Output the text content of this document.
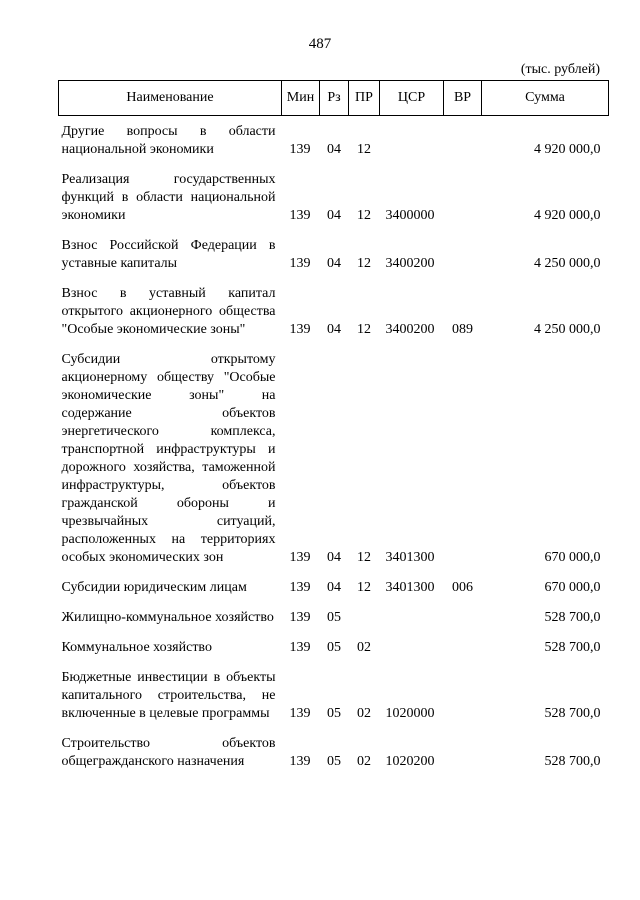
487
(тыс. рублей)
Наименование	Мин	Рз	ПР	ЦСР	ВР	Сумма
Другие вопросы в области национальной экономики	139	04	12			4 920 000,0
Реализация государственных функций в области национальной экономики	139	04	12	3400000		4 920 000,0
Взнос Российской Федерации в уставные капиталы	139	04	12	3400200		4 250 000,0
Взнос в уставный капитал открытого акционерного общества "Особые экономические зоны"	139	04	12	3400200	089	4 250 000,0
Субсидии открытому акционерному обществу "Особые экономические зоны" на содержание объектов энергетического комплекса, транспортной инфраструктуры и дорожного хозяйства, таможенной инфраструктуры, объектов гражданской обороны и чрезвычайных ситуаций, расположенных на территориях особых экономических зон	139	04	12	3401300		670 000,0
Субсидии юридическим лицам	139	04	12	3401300	006	670 000,0
Жилищно-коммунальное хозяйство	139	05				528 700,0
Коммунальное хозяйство	139	05	02			528 700,0
Бюджетные инвестиции в объекты капитального строительства, не включенные в целевые программы	139	05	02	1020000		528 700,0
Строительство объектов общегражданского назначения	139	05	02	1020200		528 700,0
